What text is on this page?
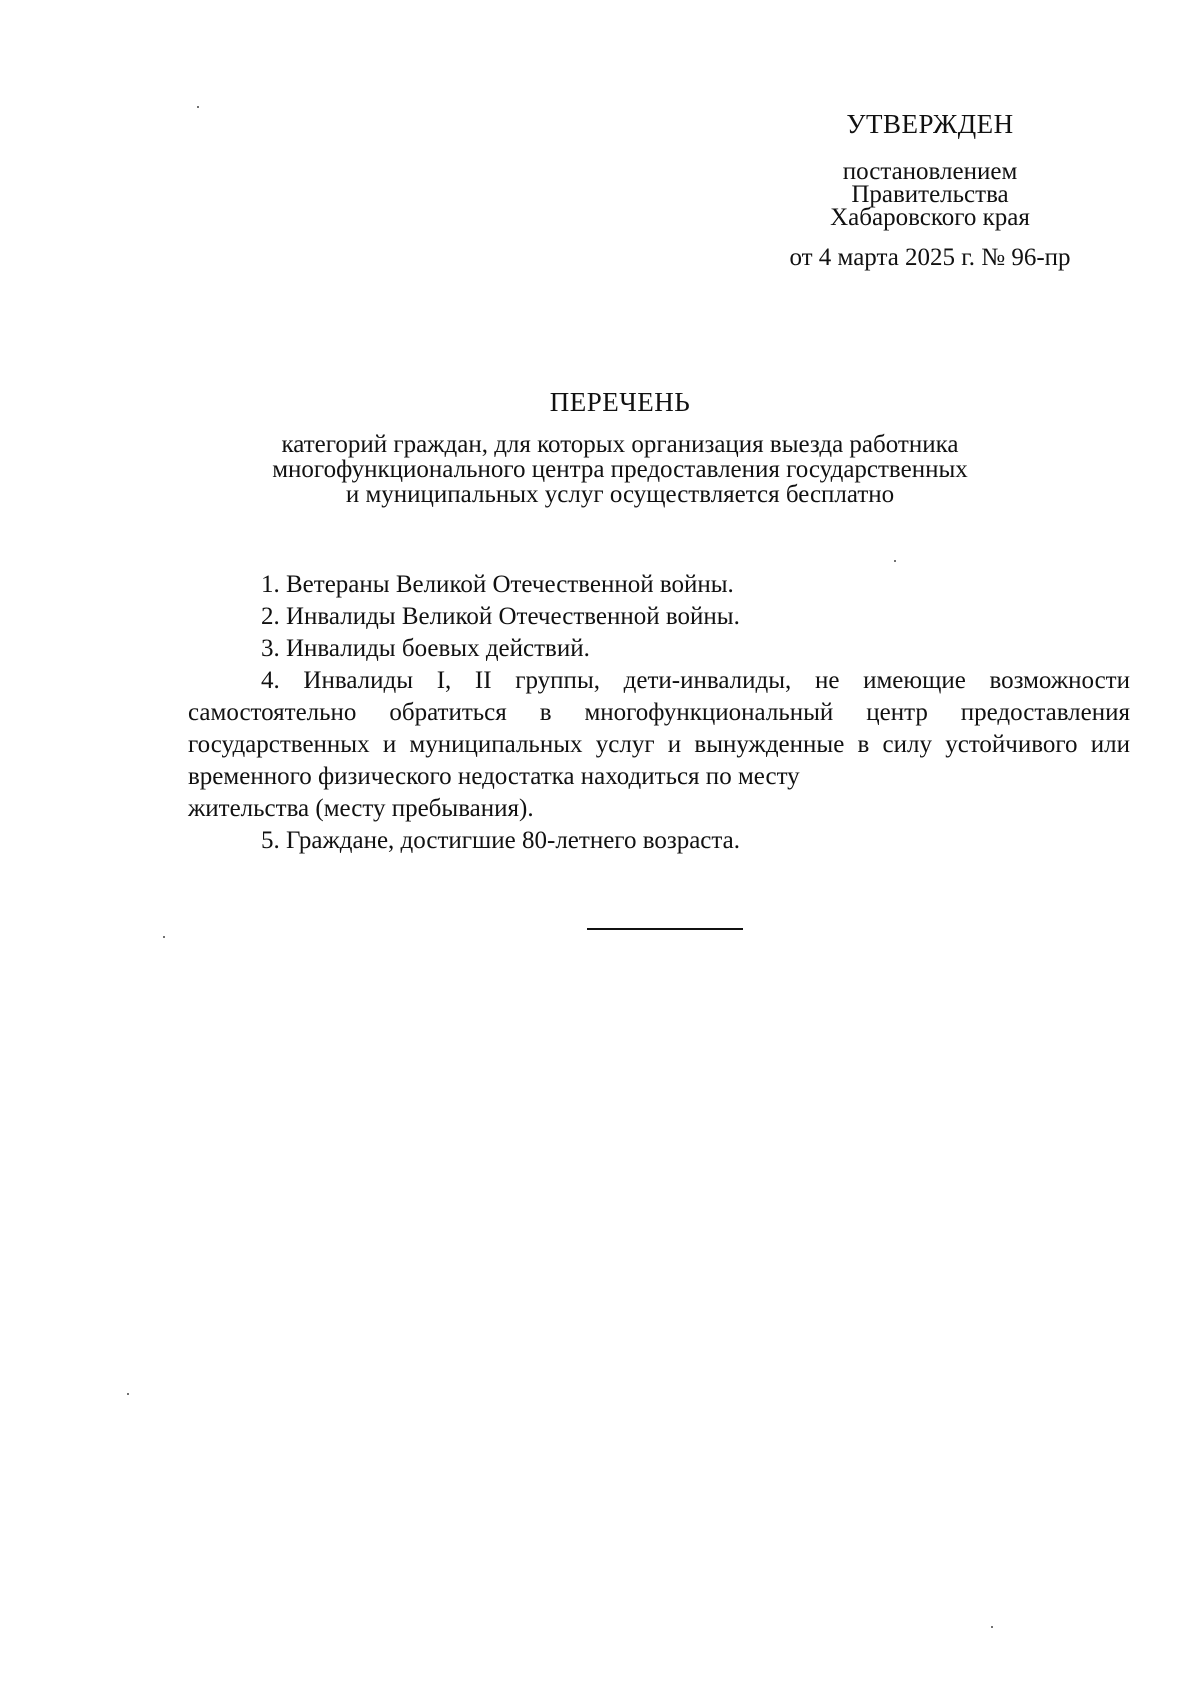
УТВЕРЖДЕН

постановлением

Правительства

Хабаровского края

от 4 марта 2025 г. № 96-пр

ПЕРЕЧЕНЬ

категорий граждан, для которых организация выезда работника

многофункционального центра предоставления государственных

и муниципальных услуг осуществляется бесплатно

1. Ветераны Великой Отечественной войны.

2. Инвалиды Великой Отечественной войны.

3. Инвалиды боевых действий.

4. Инвалиды I, II группы, дети-инвалиды, не имеющие возможности самостоятельно обратиться в многофункциональный центр предоставления государственных и муниципальных услуг и вынужденные в силу устойчивого или временного физического недостатка находиться по месту
жительства (месту пребывания).

5. Граждане, достигшие 80-летнего возраста.
